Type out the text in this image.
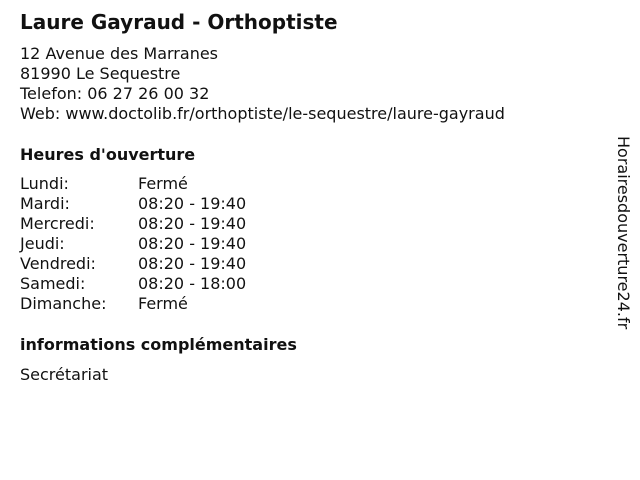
Laure Gayraud - Orthoptiste
12 Avenue des Marranes
81990 Le Sequestre
Telefon: 06 27 26 00 32
Web: www.doctolib.fr/orthoptiste/le-sequestre/laure-gayraud
Heures d'ouverture
Lundi:	Fermé
Mardi:	08:20 - 19:40
Mercredi:	08:20 - 19:40
Jeudi:	08:20 - 19:40
Vendredi:	08:20 - 19:40
Samedi:	08:20 - 18:00
Dimanche:	Fermé
informations complémentaires
Secrétariat
Horairesdouverture24.fr
